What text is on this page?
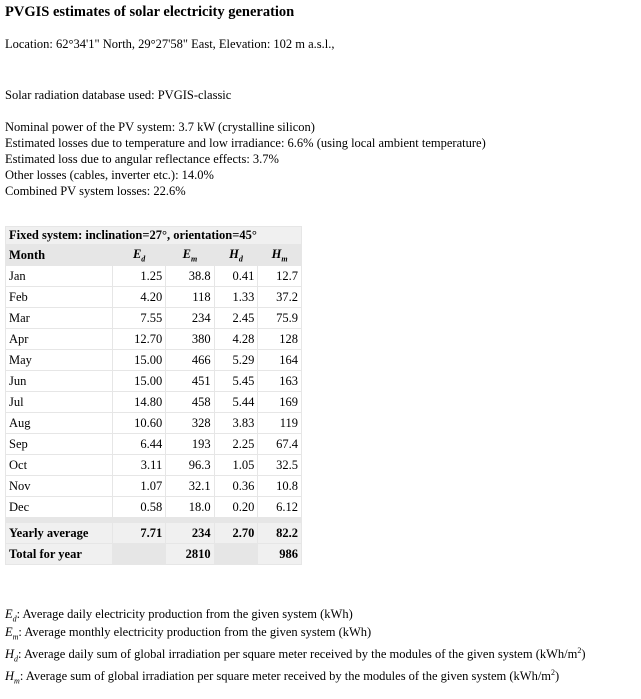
PVGIS estimates of solar electricity generation
Location: 62°34'1" North, 29°27'58" East, Elevation: 102 m a.s.l.,
Solar radiation database used: PVGIS-classic
Nominal power of the PV system: 3.7 kW (crystalline silicon)
Estimated losses due to temperature and low irradiance: 6.6% (using local ambient temperature)
Estimated loss due to angular reflectance effects: 3.7%
Other losses (cables, inverter etc.): 14.0%
Combined PV system losses: 22.6%
Fixed system: inclination=27°, orientation=45°				
Month	$E_d$	$E_m$	$H_d$	$H_m$
Jan	1.25	38.8	0.41	12.7
Feb	4.20	118	1.33	37.2
Mar	7.55	234	2.45	75.9
Apr	12.70	380	4.28	128
May	15.00	466	5.29	164
Jun	15.00	451	5.45	163
Jul	14.80	458	5.44	169
Aug	10.60	328	3.83	119
Sep	6.44	193	2.25	67.4
Oct	3.11	96.3	1.05	32.5
Nov	1.07	32.1	0.36	10.8
Dec	0.58	18.0	0.20	6.12

Yearly average	7.71	234	2.70	82.2
Total for year		2810		986
$E_d$: Average daily electricity production from the given system (kWh)
$E_m$: Average monthly electricity production from the given system (kWh)
$H_d$: Average daily sum of global irradiation per square meter received by the modules of the given system $(kWh/m^2)$
$H_m$: Average sum of global irradiation per square meter received by the modules of the given system $(kWh/m^2)$
